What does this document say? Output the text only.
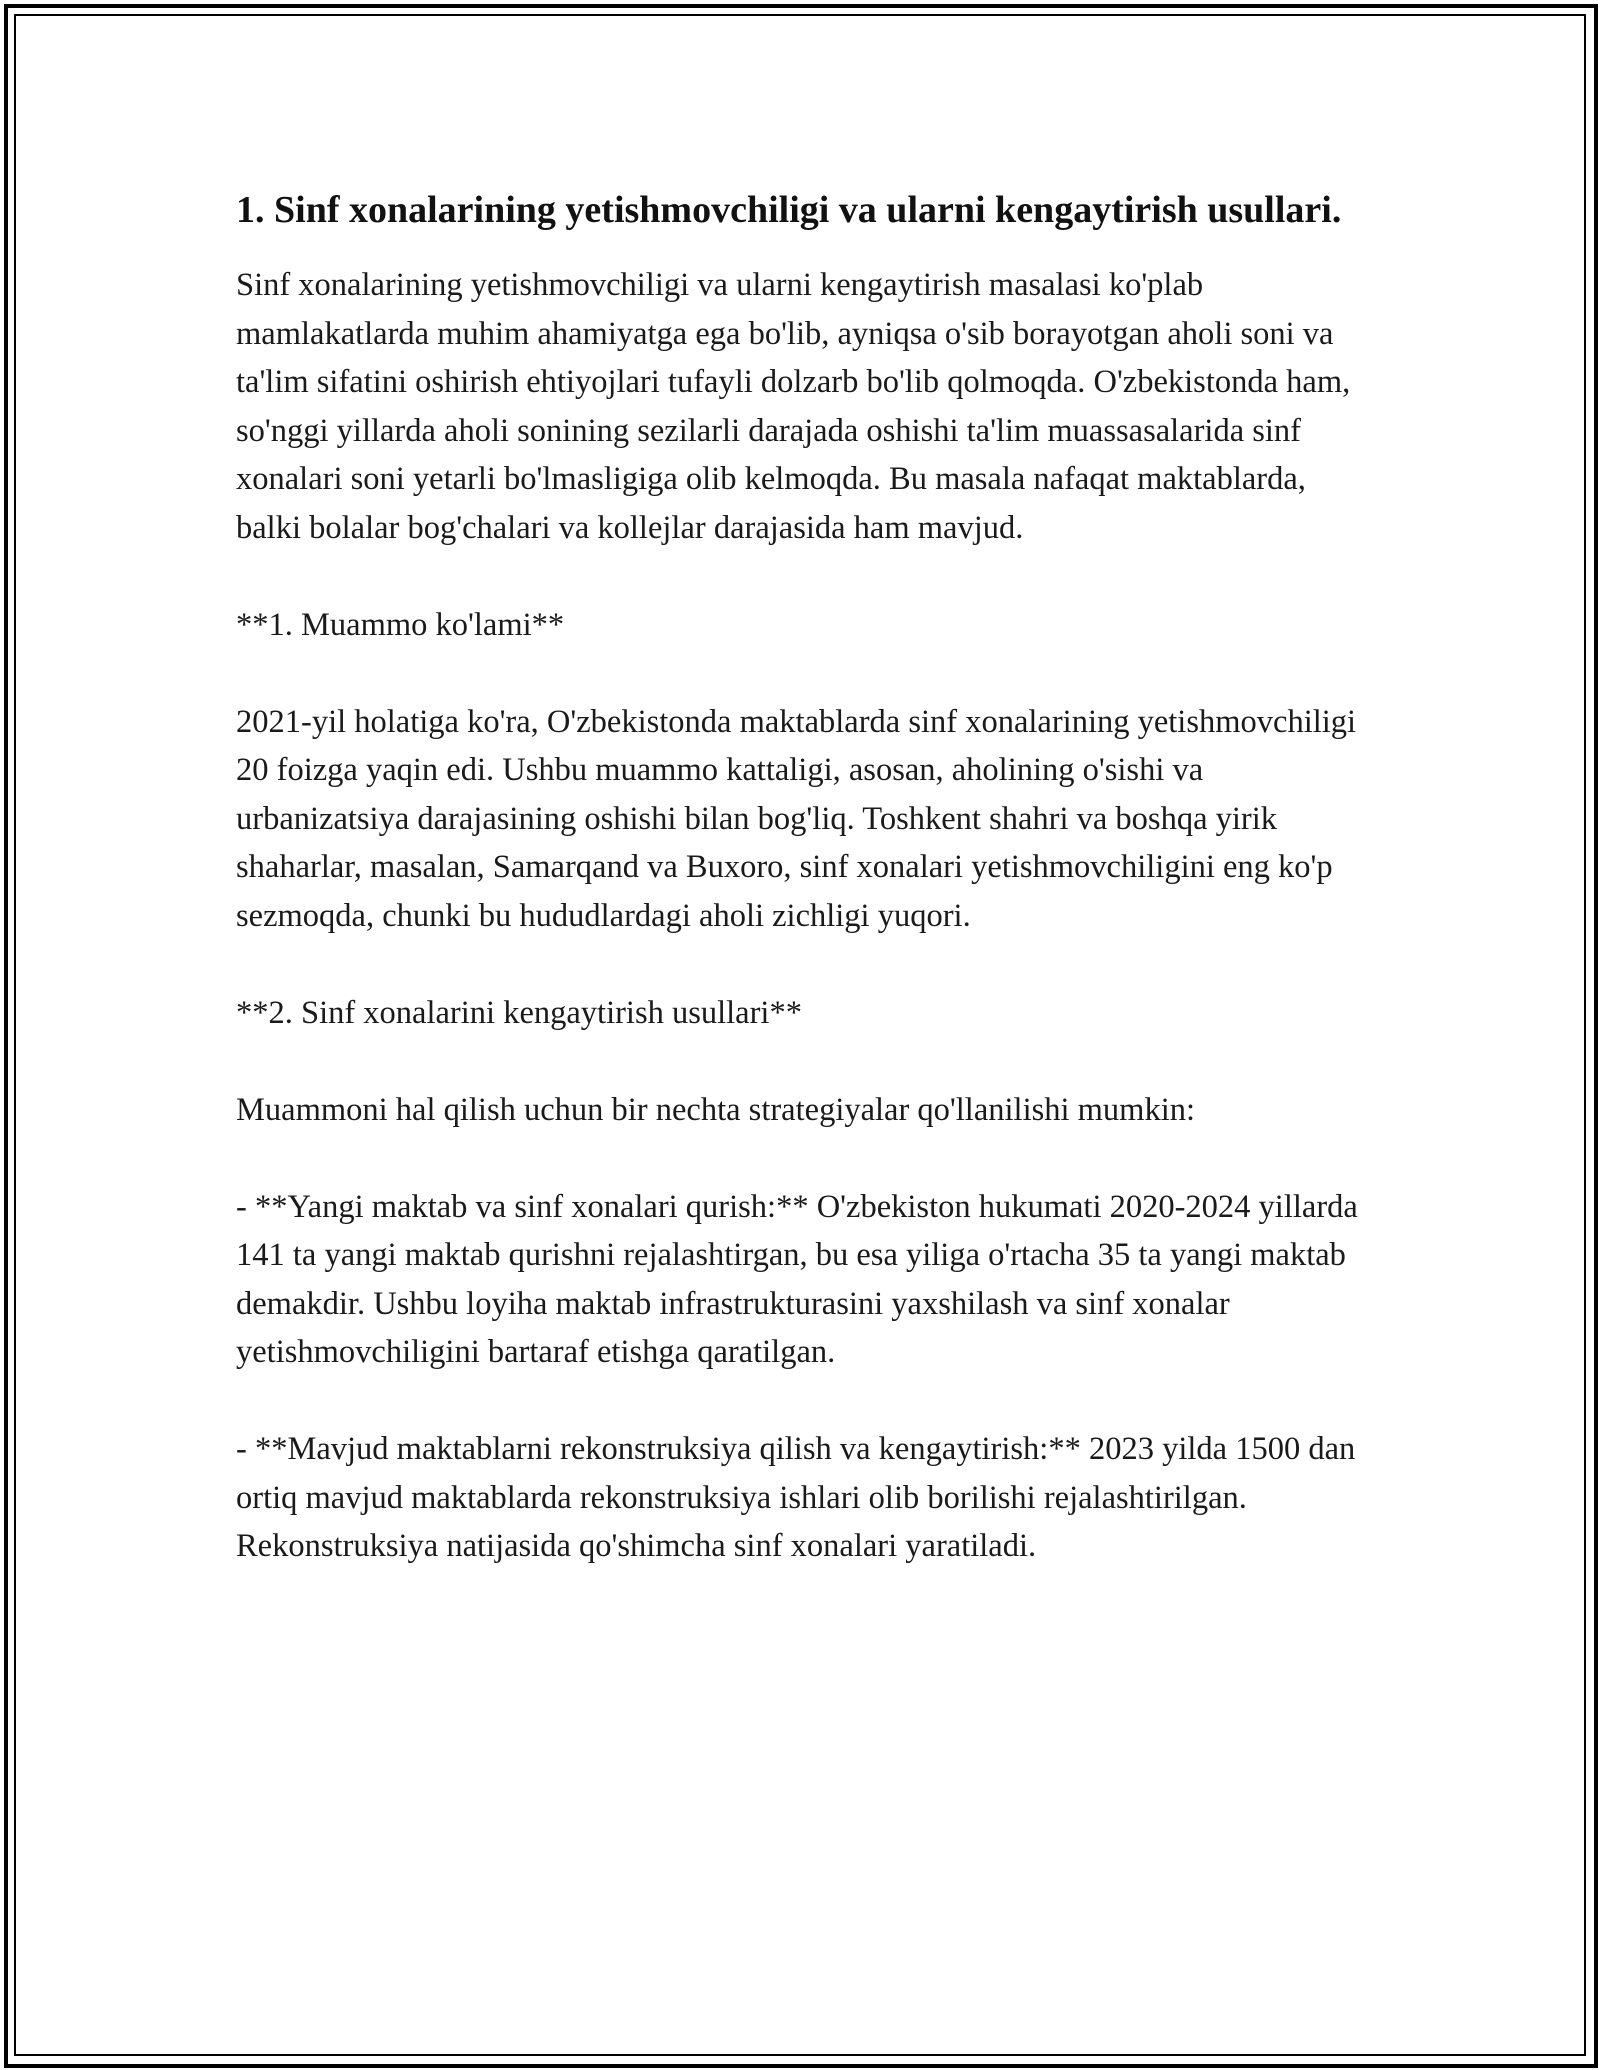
1. Sinf xonalarining yetishmovchiligi va ularni kengaytirish usullari.

Sinf xonalarining yetishmovchiligi va ularni kengaytirish masalasi ko'plab mamlakatlarda muhim ahamiyatga ega bo'lib, ayniqsa o'sib borayotgan aholi soni va ta'lim sifatini oshirish ehtiyojlari tufayli dolzarb bo'lib qolmoqda. O'zbekistonda ham, so'nggi yillarda aholi sonining sezilarli darajada oshishi ta'lim muassasalarida sinf xonalari soni yetarli bo'lmasligiga olib kelmoqda. Bu masala nafaqat maktablarda, balki bolalar bog'chalari va kollejlar darajasida ham mavjud.

**1. Muammo ko'lami**

2021-yil holatiga ko'ra, O'zbekistonda maktablarda sinf xonalarining yetishmovchiligi 20 foizga yaqin edi. Ushbu muammo kattaligi, asosan, aholining o'sishi va urbanizatsiya darajasining oshishi bilan bog'liq. Toshkent shahri va boshqa yirik shaharlar, masalan, Samarqand va Buxoro, sinf xonalari yetishmovchiligini eng ko'p sezmoqda, chunki bu hududlardagi aholi zichligi yuqori.

**2. Sinf xonalarini kengaytirish usullari**

Muammoni hal qilish uchun bir nechta strategiyalar qo'llanilishi mumkin:

- **Yangi maktab va sinf xonalari qurish:** O'zbekiston hukumati 2020-2024 yillarda 141 ta yangi maktab qurishni rejalashtirgan, bu esa yiliga o'rtacha 35 ta yangi maktab demakdir. Ushbu loyiha maktab infrastrukturasini yaxshilash va sinf xonalar yetishmovchiligini bartaraf etishga qaratilgan.

- **Mavjud maktablarni rekonstruksiya qilish va kengaytirish:** 2023 yilda 1500 dan ortiq mavjud maktablarda rekonstruksiya ishlari olib borilishi rejalashtirilgan. Rekonstruksiya natijasida qo'shimcha sinf xonalari yaratiladi.
